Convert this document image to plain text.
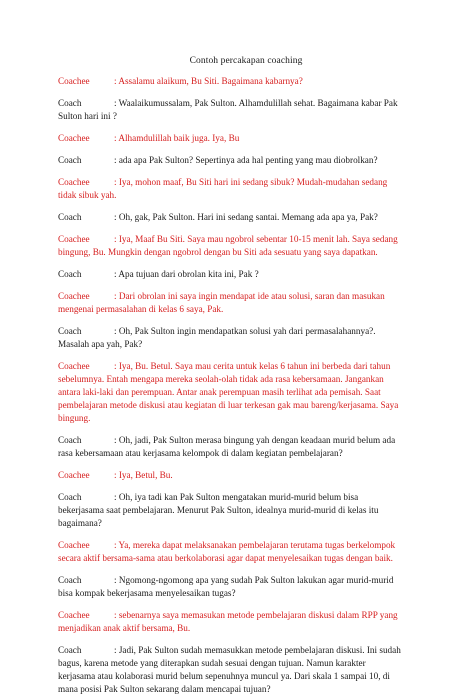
Contoh percakapan coaching
Coachee	: Assalamu alaikum, Bu Siti. Bagaimana kabarnya?
Coach	: Waalaikumussalam, Pak Sulton. Alhamdulillah sehat. Bagaimana kabar Pak
Sulton hari ini ?
Coachee	: Alhamdulillah baik juga. Iya, Bu
Coach	: ada apa Pak Sulton? Sepertinya ada hal penting yang mau diobrolkan?
Coachee	: Iya, mohon maaf, Bu Siti hari ini sedang sibuk? Mudah-mudahan sedang
tidak sibuk yah.
Coach	: Oh, gak, Pak Sulton. Hari ini sedang santai. Memang ada apa ya, Pak?
Coachee	: Iya, Maaf Bu Siti. Saya mau ngobrol sebentar 10-15 menit lah. Saya sedang
bingung, Bu. Mungkin dengan ngobrol dengan bu Siti ada sesuatu yang saya dapatkan.
Coach	: Apa tujuan dari obrolan kita ini, Pak ?
Coachee	: Dari obrolan ini saya ingin mendapat ide atau solusi, saran dan masukan
mengenai permasalahan di kelas 6 saya, Pak.
Coach	: Oh, Pak Sulton ingin mendapatkan solusi yah dari permasalahannya?.
Masalah apa yah, Pak?
Coachee	: Iya, Bu. Betul. Saya mau cerita untuk kelas 6 tahun ini berbeda dari tahun
sebelumnya. Entah mengapa mereka seolah-olah tidak ada rasa kebersamaan. Jangankan
antara laki-laki dan perempuan. Antar anak perempuan masih terlihat ada pemisah. Saat
pembelajaran metode diskusi atau kegiatan di luar terkesan gak mau bareng/kerjasama. Saya
bingung.
Coach	: Oh, jadi, Pak Sulton merasa bingung yah dengan keadaan murid belum ada
rasa kebersamaan atau kerjasama kelompok di dalam kegiatan pembelajaran?
Coachee	: Iya, Betul, Bu.
Coach	: Oh, iya tadi kan Pak Sulton mengatakan murid-murid belum bisa
bekerjasama saat pembelajaran. Menurut Pak Sulton, idealnya murid-murid di kelas itu
bagaimana?
Coachee	: Ya, mereka dapat melaksanakan pembelajaran terutama tugas berkelompok
secara aktif bersama-sama atau berkolaborasi agar dapat menyelesaikan tugas dengan baik.
Coach	: Ngomong-ngomong apa yang sudah Pak Sulton lakukan agar murid-murid
bisa kompak bekerjasama menyelesaikan tugas?
Coachee	: sebenarnya saya memasukan metode pembelajaran diskusi dalam RPP yang
menjadikan anak aktif bersama, Bu.
Coach	: Jadi, Pak Sulton sudah memasukkan metode pembelajaran diskusi. Ini sudah
bagus, karena metode yang diterapkan sudah sesuai dengan tujuan. Namun karakter
kerjasama atau kolaborasi murid belum sepenuhnya muncul ya. Dari skala 1 sampai 10, di
mana posisi Pak Sulton sekarang dalam mencapai tujuan?
